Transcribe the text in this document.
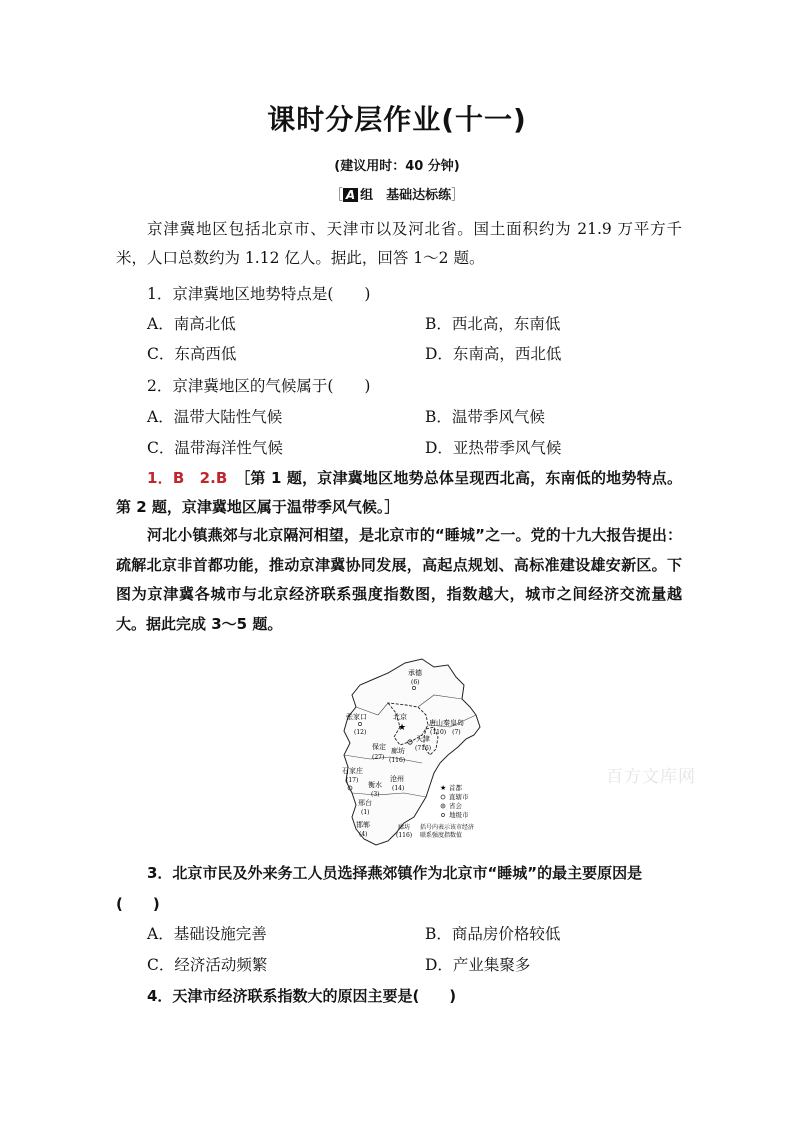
课时分层作业(十一)
(建议用时：40 分钟)
［ A 组　基础达标练］
京津冀地区包括北京市、天津市以及河北省。国土面积约为 21.9 万平方千米，人口总数约为 1.12 亿人。据此，回答 1～2 题。
1．京津冀地区地势特点是(　　)
A．南高北低	B．西北高，东南低
C．东高西低	D．东南高，西北低
2．京津冀地区的气候属于(　　)
A．温带大陆性气候	B．温带季风气候
C．温带海洋性气候	D．亚热带季风气候
1．B　2.B　 ［第 1 题，京津冀地区地势总体呈现西北高，东南低的地势特点。第 2 题，京津冀地区属于温带季风气候。］
河北小镇燕郊与北京隔河相望，是北京市的“睡城”之一。党的十九大报告提出：疏解北京非首都功能，推动京津冀协同发展，高起点规划、高标准建设雄安新区。下图为京津冀各城市与北京经济联系强度指数图，指数越大，城市之间经济交流量越大。据此完成 3～5 题。
承德
(6)
张家口
(12)
北京
★	唐山秦皇岛
(110)　(7)
天津
(716)
保定
(27)
廊坊
(116)
石家庄
(17)	沧州
(14)
衡水
(3)
邢台
(1)
邯郸
(4)
★ 首都
直辖市
省会
地级市
廊坊
(116)
括号内表示该市经济
联系强度指数值
百方文库网
3．北京市民及外来务工人员选择燕郊镇作为北京市“睡城”的最主要原因是
(　　)
A．基础设施完善	B．商品房价格较低
C．经济活动频繁	D．产业集聚多
4．天津市经济联系指数大的原因主要是(　　)
